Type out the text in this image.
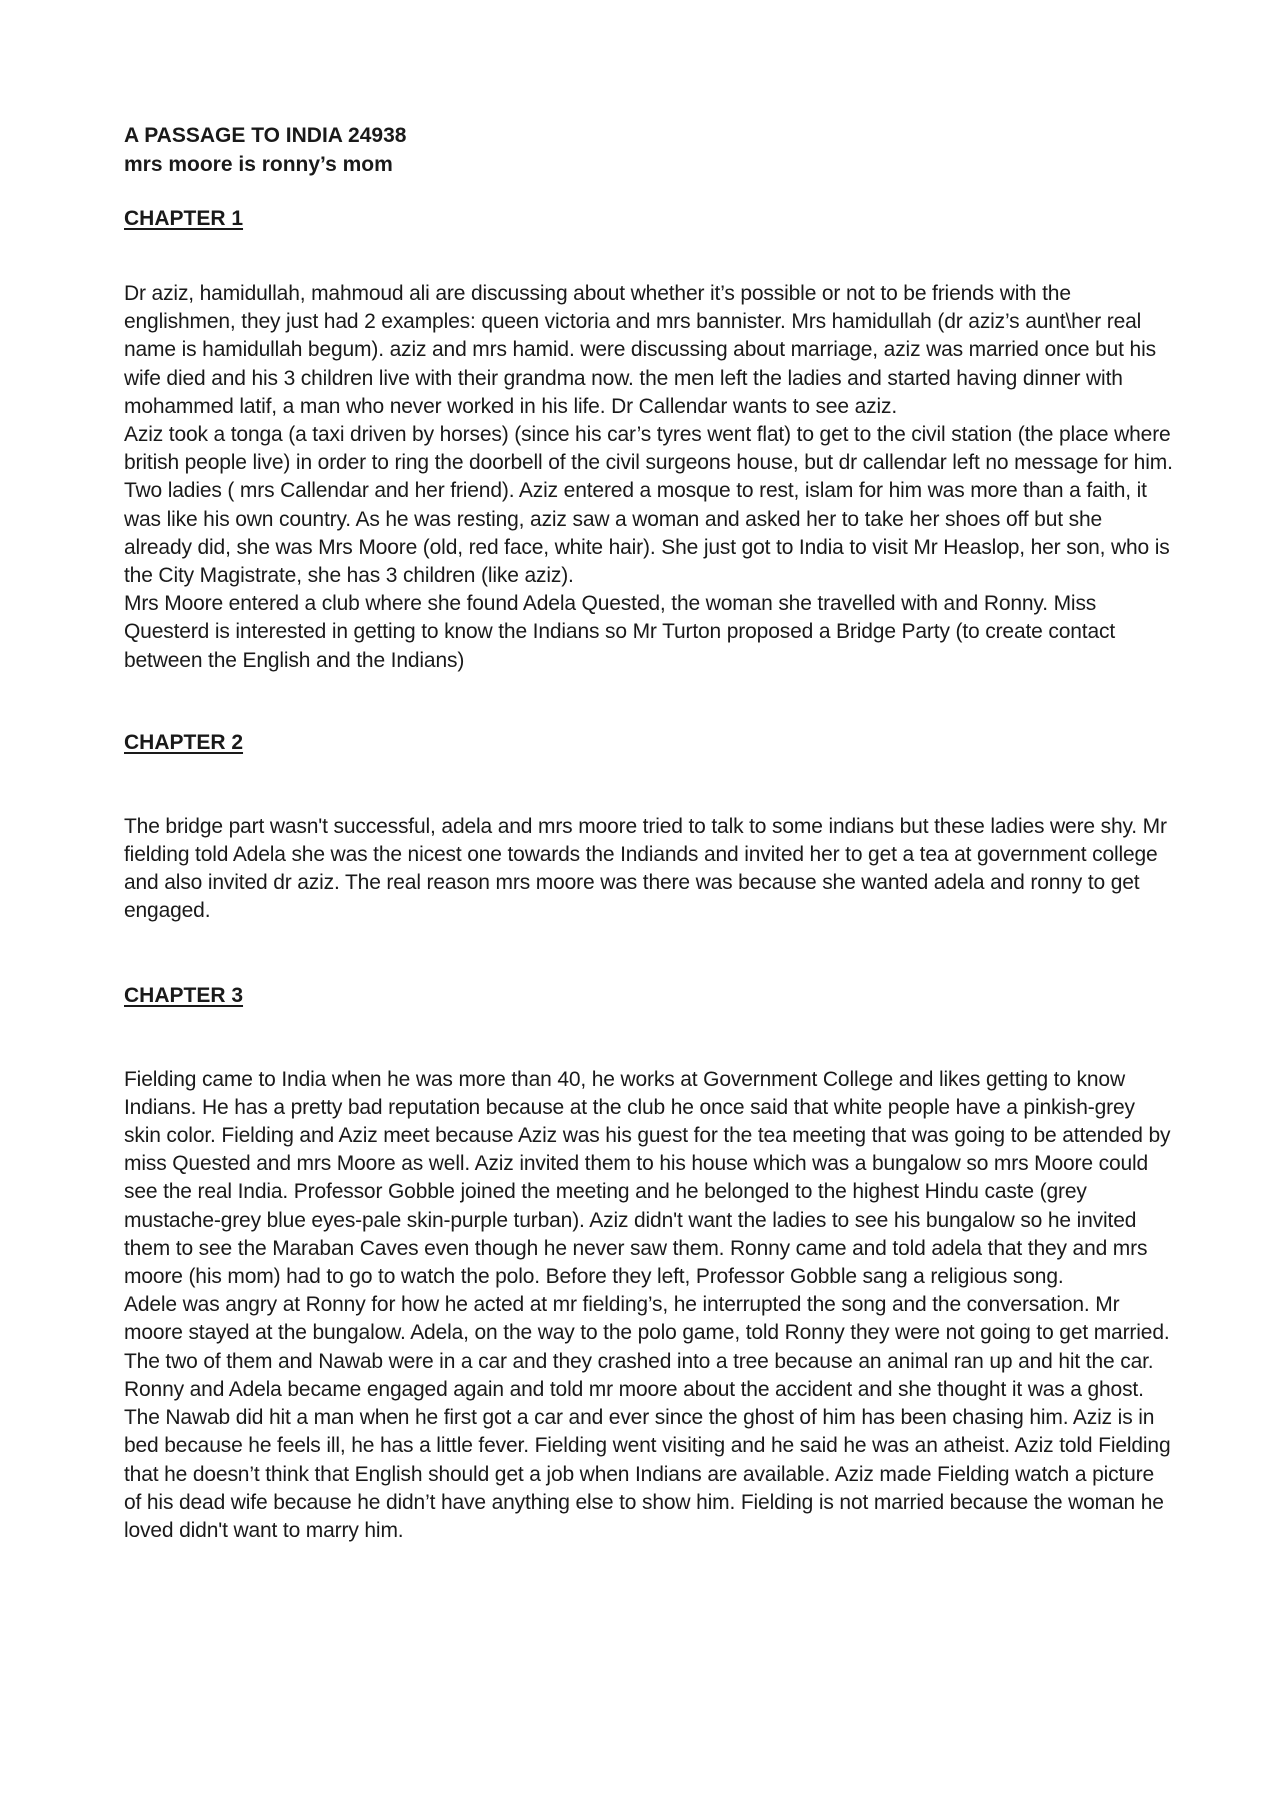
A PASSAGE TO INDIA 24938

mrs moore is ronny’s mom

CHAPTER 1

Dr aziz, hamidullah, mahmoud ali are discussing about whether it’s possible or not to be friends with the englishmen, they just had 2 examples: queen victoria and mrs bannister. Mrs hamidullah (dr aziz’s aunt\her real name is hamidullah begum). aziz and mrs hamid. were discussing about marriage, aziz was married once but his wife died and his 3 children live with their grandma now. the men left the ladies and started having dinner with mohammed latif, a man who never worked in his life. Dr Callendar wants to see aziz.

Aziz took a tonga (a taxi driven by horses) (since his car’s tyres went flat) to get to the civil station (the place where british people live) in order to ring the doorbell of the civil surgeons house, but dr callendar left no message for him. Two ladies ( mrs Callendar and her friend). Aziz entered a mosque to rest, islam for him was more than a faith, it was like his own country. As he was resting, aziz saw a woman and asked her to take her shoes off but she already did, she was Mrs Moore (old, red face, white hair). She just got to India to visit Mr Heaslop, her son, who is the City Magistrate, she has 3 children (like aziz).

Mrs Moore entered a club where she found Adela Quested, the woman she travelled with and Ronny. Miss Questerd is interested in getting to know the Indians so Mr Turton proposed a Bridge Party (to create contact between the English and the Indians)

CHAPTER 2

The bridge part wasn't successful, adela and mrs moore tried to talk to some indians but these ladies were shy. Mr fielding told Adela she was the nicest one towards the Indiands and invited her to get a tea at government college and also invited dr aziz. The real reason mrs moore was there was because she wanted adela and ronny to get engaged.

CHAPTER 3

Fielding came to India when he was more than 40, he works at Government College and likes getting to know Indians. He has a pretty bad reputation because at the club he once said that white people have a pinkish-grey skin color. Fielding and Aziz meet because Aziz was his guest for the tea meeting that was going to be attended by miss Quested and mrs Moore as well. Aziz invited them to his house which was a bungalow so mrs Moore could see the real India. Professor Gobble joined the meeting and he belonged to the highest Hindu caste (grey mustache-grey blue eyes-pale skin-purple turban). Aziz didn't want the ladies to see his bungalow so he invited them to see the Maraban Caves even though he never saw them. Ronny came and told adela that they and mrs moore (his mom) had to go to watch the polo. Before they left, Professor Gobble sang a religious song.

Adele was angry at Ronny for how he acted at mr fielding’s, he interrupted the song and the conversation. Mr moore stayed at the bungalow. Adela, on the way to the polo game, told Ronny they were not going to get married. The two of them and Nawab were in a car and they crashed into a tree because an animal ran up and hit the car. Ronny and Adela became engaged again and told mr moore about the accident and she thought it was a ghost.

The Nawab did hit a man when he first got a car and ever since the ghost of him has been chasing him. Aziz is in bed because he feels ill, he has a little fever. Fielding went visiting and he said he was an atheist. Aziz told Fielding that he doesn’t think that English should get a job when Indians are available. Aziz made Fielding watch a picture of his dead wife because he didn’t have anything else to show him. Fielding is not married because the woman he loved didn't want to marry him.
